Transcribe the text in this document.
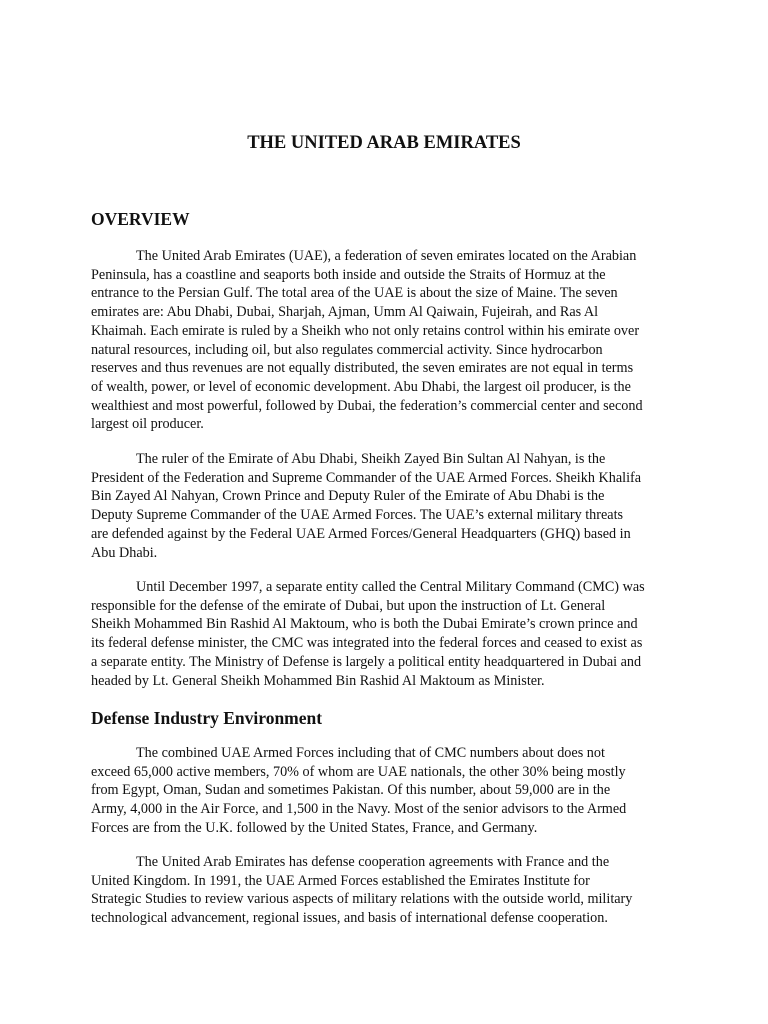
THE UNITED ARAB EMIRATES
OVERVIEW

The United Arab Emirates (UAE), a federation of seven emirates located on the Arabian
Peninsula, has a coastline and seaports both inside and outside the Straits of Hormuz at the
entrance to the Persian Gulf. The total area of the UAE is about the size of Maine. The seven
emirates are: Abu Dhabi, Dubai, Sharjah, Ajman, Umm Al Qaiwain, Fujeirah, and Ras Al
Khaimah. Each emirate is ruled by a Sheikh who not only retains control within his emirate over
natural resources, including oil, but also regulates commercial activity. Since hydrocarbon
reserves and thus revenues are not equally distributed, the seven emirates are not equal in terms
of wealth, power, or level of economic development. Abu Dhabi, the largest oil producer, is the
wealthiest and most powerful, followed by Dubai, the federation’s commercial center and second
largest oil producer.

The ruler of the Emirate of Abu Dhabi, Sheikh Zayed Bin Sultan Al Nahyan, is the
President of the Federation and Supreme Commander of the UAE Armed Forces. Sheikh Khalifa
Bin Zayed Al Nahyan, Crown Prince and Deputy Ruler of the Emirate of Abu Dhabi is the
Deputy Supreme Commander of the UAE Armed Forces. The UAE’s external military threats
are defended against by the Federal UAE Armed Forces/General Headquarters (GHQ) based in
Abu Dhabi.

Until December 1997, a separate entity called the Central Military Command (CMC) was
responsible for the defense of the emirate of Dubai, but upon the instruction of Lt. General
Sheikh Mohammed Bin Rashid Al Maktoum, who is both the Dubai Emirate’s crown prince and
its federal defense minister, the CMC was integrated into the federal forces and ceased to exist as
a separate entity. The Ministry of Defense is largely a political entity headquartered in Dubai and
headed by Lt. General Sheikh Mohammed Bin Rashid Al Maktoum as Minister.

Defense Industry Environment

The combined UAE Armed Forces including that of CMC numbers about does not
exceed 65,000 active members, 70% of whom are UAE nationals, the other 30% being mostly
from Egypt, Oman, Sudan and sometimes Pakistan. Of this number, about 59,000 are in the
Army, 4,000 in the Air Force, and 1,500 in the Navy. Most of the senior advisors to the Armed
Forces are from the U.K. followed by the United States, France, and Germany.

The United Arab Emirates has defense cooperation agreements with France and the
United Kingdom. In 1991, the UAE Armed Forces established the Emirates Institute for
Strategic Studies to review various aspects of military relations with the outside world, military
technological advancement, regional issues, and basis of international defense cooperation.
